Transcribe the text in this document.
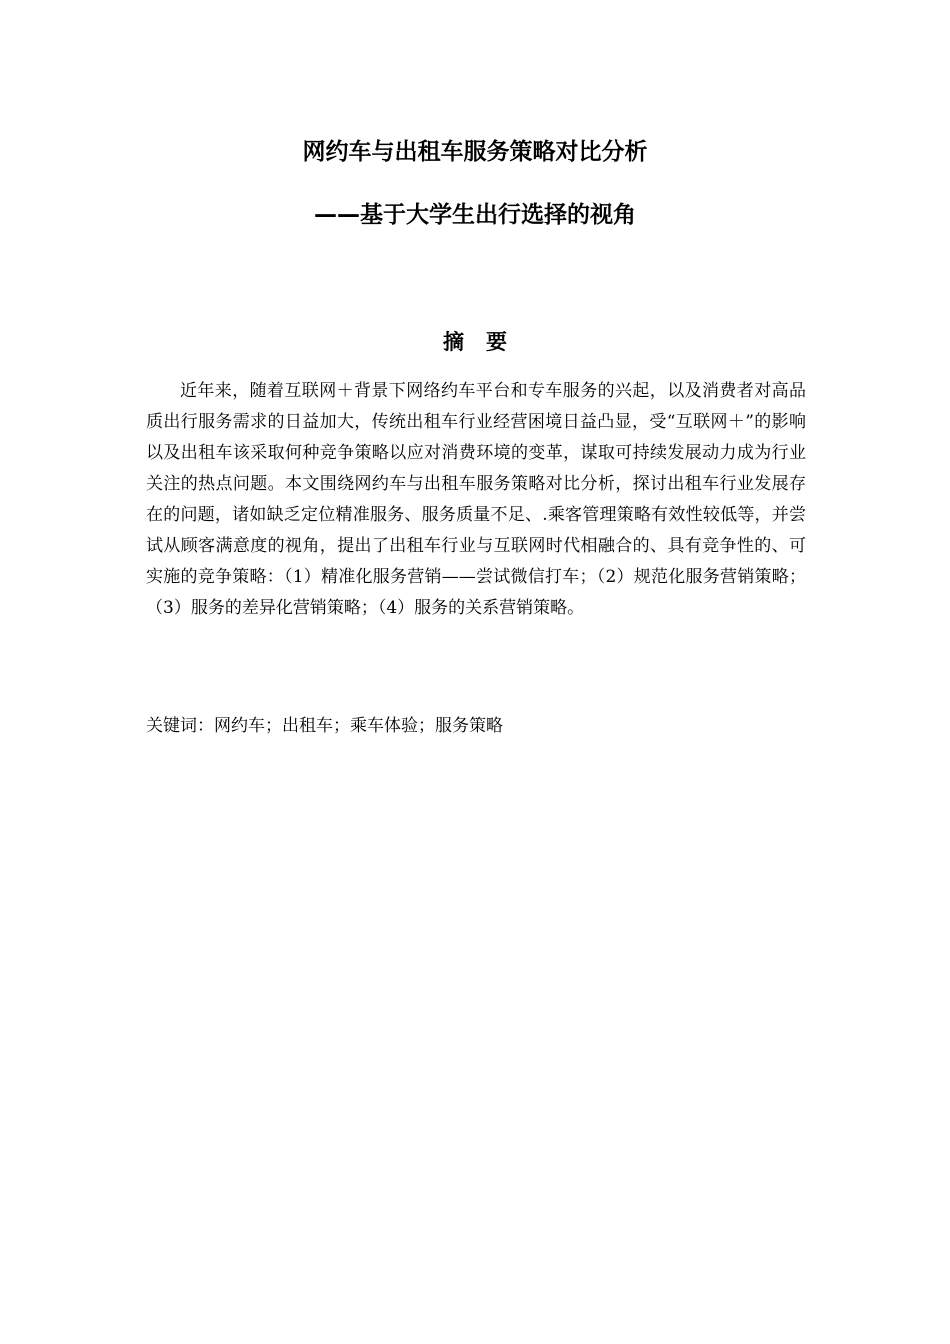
网约车与出租车服务策略对比分析
——基于大学生出行选择的视角
摘要

近年来，随着互联网＋背景下网络约车平台和专车服务的兴起，以及消费者对高品质出行服务需求的日益加大，传统出租车行业经营困境日益凸显，受“互联网＋”的影响以及出租车该采取何种竞争策略以应对消费环境的变革，谋取可持续发展动力成为行业关注的热点问题。本文围绕网约车与出租车服务策略对比分析，探讨出租车行业发展存在的问题，诸如缺乏定位精准服务、服务质量不足、.乘客管理策略有效性较低等，并尝试从顾客满意度的视角，提出了出租车行业与互联网时代相融合的、具有竞争性的、可实施的竞争策略：（1）精准化服务营销——尝试微信打车；（2）规范化服务营销策略；（3）服务的差异化营销策略；（4）服务的关系营销策略。

关键词：网约车；出租车；乘车体验；服务策略
